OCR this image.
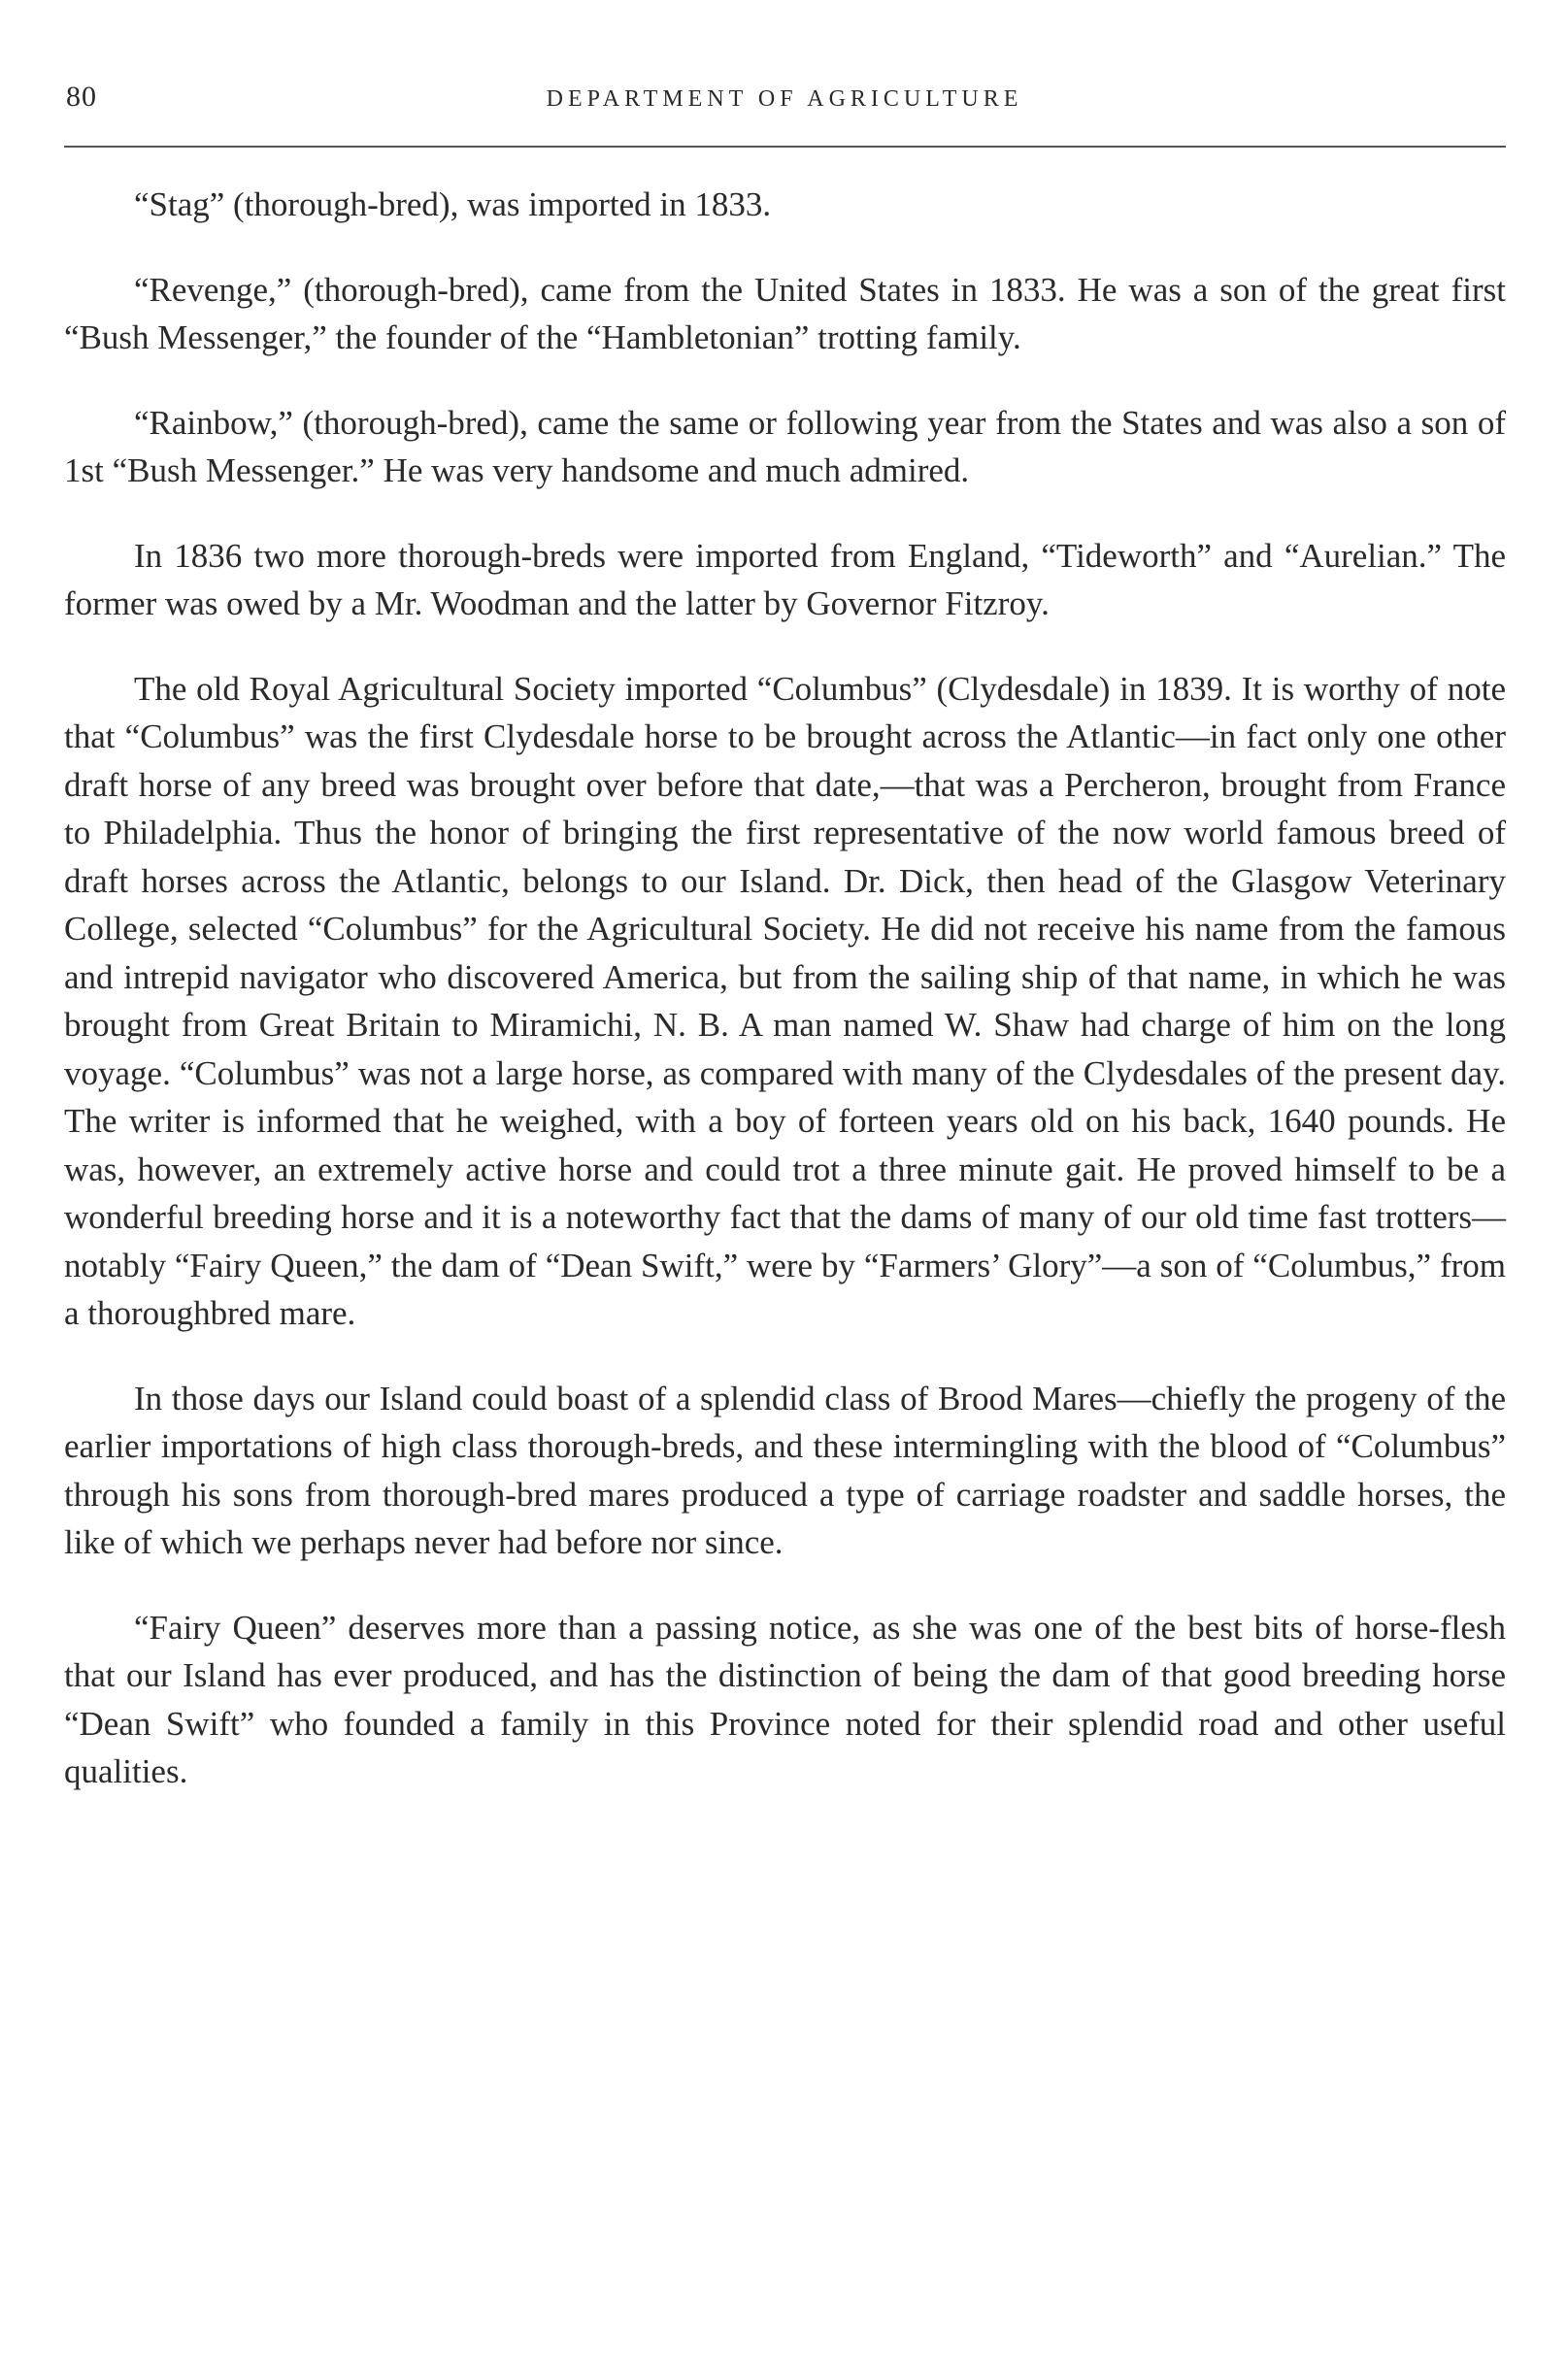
80	DEPARTMENT OF AGRICULTURE

“Stag” (thorough-bred), was imported in 1833.

“Revenge,” (thorough-bred), came from the United States in 1833. He was a son of the great first “Bush Messenger,” the founder of the “Hambletonian” trotting family.

“Rainbow,” (thorough-bred), came the same or following year from the States and was also a son of 1st “Bush Messenger.” He was very handsome and much admired.

In 1836 two more thorough-breds were imported from England, “Tideworth” and “Aurelian.” The former was owed by a Mr. Woodman and the latter by Governor Fitzroy.

The old Royal Agricultural Society imported “Columbus” (Clydesdale) in 1839. It is worthy of note that “Columbus” was the first Clydesdale horse to be brought across the Atlantic—in fact only one other draft horse of any breed was brought over before that date,—that was a Percheron, brought from France to Philadelphia. Thus the honor of bringing the first representative of the now world famous breed of draft horses across the Atlantic, belongs to our Island. Dr. Dick, then head of the Glasgow Veterinary College, selected “Columbus” for the Agricultural Society. He did not receive his name from the famous and intrepid navigator who discovered America, but from the sailing ship of that name, in which he was brought from Great Britain to Miramichi, N. B. A man named W. Shaw had charge of him on the long voyage. “Columbus” was not a large horse, as compared with many of the Clydesdales of the present day. The writer is informed that he weighed, with a boy of forteen years old on his back, 1640 pounds. He was, however, an extremely active horse and could trot a three minute gait. He proved himself to be a wonderful breeding horse and it is a noteworthy fact that the dams of many of our old time fast trotters—notably “Fairy Queen,” the dam of “Dean Swift,” were by “Farmers’ Glory”—a son of “Columbus,” from a thoroughbred mare.

In those days our Island could boast of a splendid class of Brood Mares—chiefly the progeny of the earlier importations of high class thorough-breds, and these intermingling with the blood of “Columbus” through his sons from thorough-bred mares produced a type of carriage roadster and saddle horses, the like of which we perhaps never had before nor since.

“Fairy Queen” deserves more than a passing notice, as she was one of the best bits of horse-flesh that our Island has ever produced, and has the distinction of being the dam of that good breeding horse “Dean Swift” who founded a family in this Province noted for their splendid road and other useful qualities.
